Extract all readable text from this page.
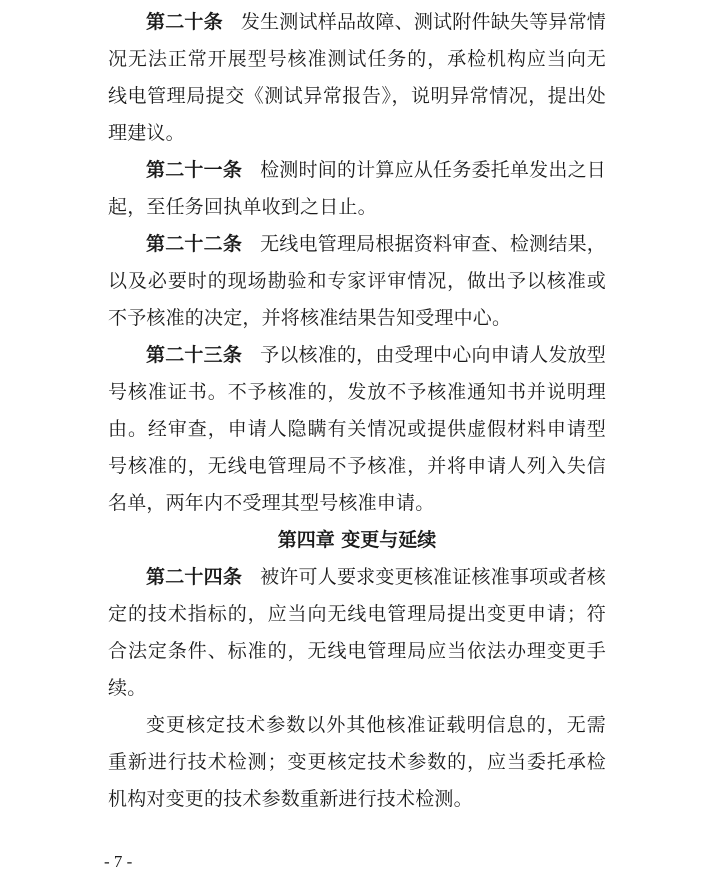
第二十条 发生测试样品故障、测试附件缺失等异常情况无法正常开展型号核准测试任务的，承检机构应当向无线电管理局提交《测试异常报告》，说明异常情况，提出处理建议。

第二十一条 检测时间的计算应从任务委托单发出之日起，至任务回执单收到之日止。

第二十二条 无线电管理局根据资料审查、检测结果，以及必要时的现场勘验和专家评审情况，做出予以核准或不予核准的决定，并将核准结果告知受理中心。

第二十三条 予以核准的，由受理中心向申请人发放型号核准证书。不予核准的，发放不予核准通知书并说明理由。经审查，申请人隐瞒有关情况或提供虚假材料申请型号核准的，无线电管理局不予核准，并将申请人列入失信名单，两年内不受理其型号核准申请。

第四章 变更与延续

第二十四条 被许可人要求变更核准证核准事项或者核定的技术指标的，应当向无线电管理局提出变更申请；符合法定条件、标准的，无线电管理局应当依法办理变更手续。

变更核定技术参数以外其他核准证载明信息的，无需重新进行技术检测；变更核定技术参数的，应当委托承检机构对变更的技术参数重新进行技术检测。

- 7 -
